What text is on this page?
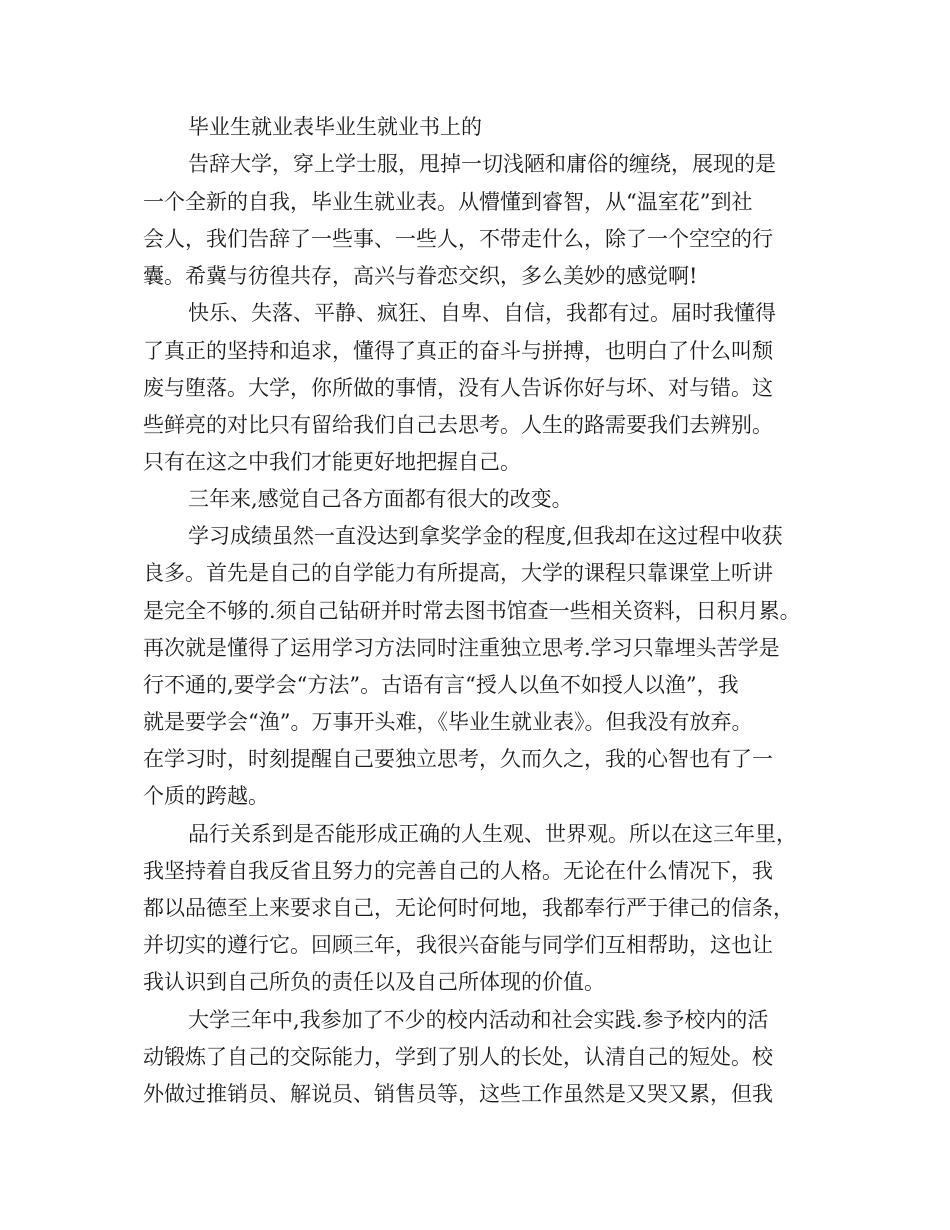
毕业生就业表毕业生就业书上的
告辞大学，穿上学士服，甩掉一切浅陋和庸俗的缠绕，展现的是
一个全新的自我，毕业生就业表。从懵懂到睿智，从“温室花”到社
会人，我们告辞了一些事、一些人，不带走什么，除了一个空空的行
囊。希冀与彷徨共存，高兴与眷恋交织，多么美妙的感觉啊!
快乐、失落、平静、疯狂、自卑、自信，我都有过。届时我懂得
了真正的坚持和追求，懂得了真正的奋斗与拼搏，也明白了什么叫颓
废与堕落。大学，你所做的事情，没有人告诉你好与坏、对与错。这
些鲜亮的对比只有留给我们自己去思考。人生的路需要我们去辨别。
只有在这之中我们才能更好地把握自己。
三年来,感觉自己各方面都有很大的改变。
学习成绩虽然一直没达到拿奖学金的程度,但我却在这过程中收获
良多。首先是自己的自学能力有所提高，大学的课程只靠课堂上听讲
是完全不够的.须自己钻研并时常去图书馆查一些相关资料，日积月累。
再次就是懂得了运用学习方法同时注重独立思考.学习只靠埋头苦学是
行不通的,要学会“方法”。古语有言“授人以鱼不如授人以渔”，我
就是要学会“渔”。万事开头难，《毕业生就业表》。但我没有放弃。
在学习时，时刻提醒自己要独立思考，久而久之，我的心智也有了一
个质的跨越。
品行关系到是否能形成正确的人生观、世界观。所以在这三年里，
我坚持着自我反省且努力的完善自己的人格。无论在什么情况下，我
都以品德至上来要求自己，无论何时何地，我都奉行严于律己的信条，
并切实的遵行它。回顾三年，我很兴奋能与同学们互相帮助，这也让
我认识到自己所负的责任以及自己所体现的价值。
大学三年中,我参加了不少的校内活动和社会实践.参予校内的活
动锻炼了自己的交际能力，学到了别人的长处，认清自己的短处。校
外做过推销员、解说员、销售员等，这些工作虽然是又哭又累，但我
